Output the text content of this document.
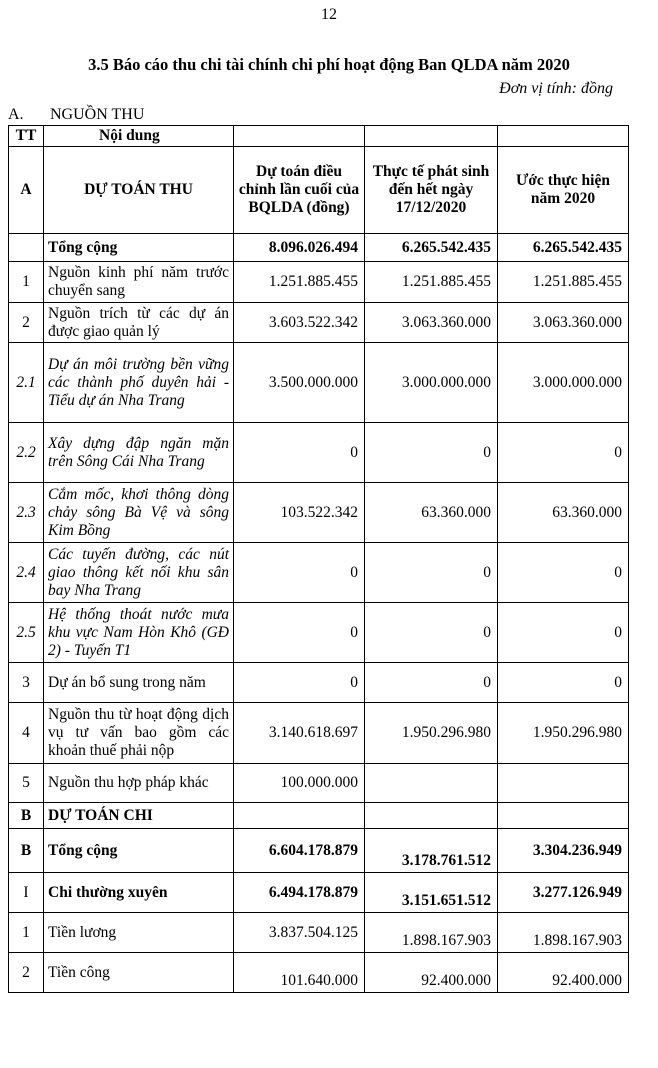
12
3.5 Báo cáo thu chi tài chính chi phí hoạt động Ban QLDA năm 2020
Đơn vị tính: đồng
A. NGUỒN THU
TT	Nội dung			
A	DỰ TOÁN THU	Dự toán điều chỉnh lần cuối của BQLDA (đồng)	Thực tế phát sinh đến hết ngày 17/12/2020	Ước thực hiện năm 2020
	Tổng cộng	8.096.026.494	6.265.542.435	6.265.542.435
1	Nguồn kinh phí năm trước chuyển sang	1.251.885.455	1.251.885.455	1.251.885.455
2	Nguồn trích từ các dự án được giao quản lý	3.603.522.342	3.063.360.000	3.063.360.000
2.1	Dự án môi trường bền vững các thành phố duyên hải - Tiểu dự án Nha Trang	3.500.000.000	3.000.000.000	3.000.000.000
2.2	Xây dựng đập ngăn mặn trên Sông Cái Nha Trang	0	0	0
2.3	Cắm mốc, khơi thông dòng chảy sông Bà Vệ và sông Kim Bồng	103.522.342	63.360.000	63.360.000
2.4	Các tuyến đường, các nút giao thông kết nối khu sân bay Nha Trang	0	0	0
2.5	Hệ thống thoát nước mưa khu vực Nam Hòn Khô (GĐ 2) - Tuyến T1	0	0	0
3	Dự án bổ sung trong năm	0	0	0
4	Nguồn thu từ hoạt động dịch vụ tư vấn bao gồm các khoản thuế phải nộp	3.140.618.697	1.950.296.980	1.950.296.980
5	Nguồn thu hợp pháp khác	100.000.000		
B	DỰ TOÁN CHI			
B	Tổng cộng	6.604.178.879	3.178.761.512	3.304.236.949
I	Chi thường xuyên	6.494.178.879	3.151.651.512	3.277.126.949
1	Tiền lương	3.837.504.125	1.898.167.903	1.898.167.903
2	Tiền công	101.640.000	92.400.000	92.400.000
